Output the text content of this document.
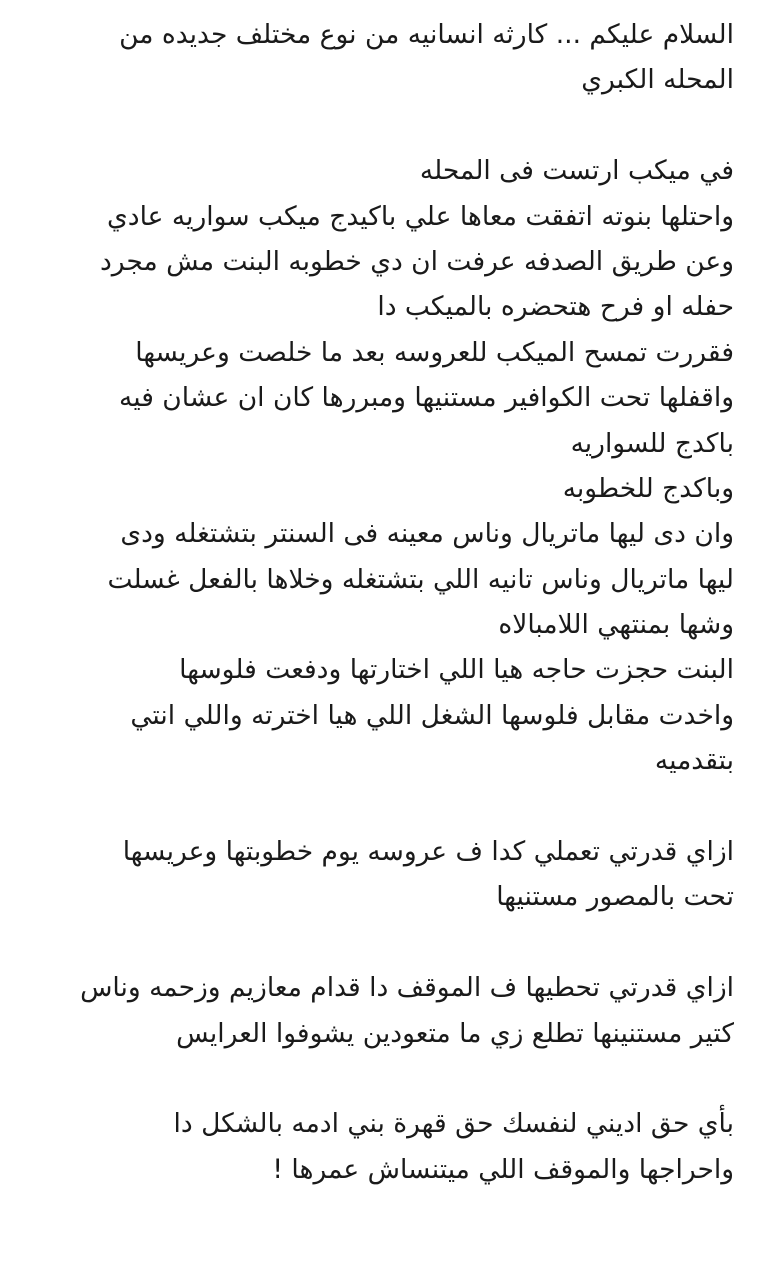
السلام عليكم ... كارثه انسانيه من نوع مختلف جديده من
المحله الكبري
في ميكب ارتست فى المحله
واحتلها بنوته اتفقت معاها علي باكيدج ميكب سواريه عادي
وعن طريق الصدفه عرفت ان دي خطوبه البنت مش مجرد
حفله او فرح هتحضره بالميكب دا
فقررت تمسح الميكب للعروسه بعد ما خلصت وعريسها
واقفلها تحت الكوافير مستنيها ومبررها كان ان عشان فيه
باكدج للسواريه
وباكدج للخطوبه
وان دى ليها ماتريال وناس معينه فى السنتر بتشتغله ودى
ليها ماتريال وناس تانيه اللي بتشتغله وخلاها بالفعل غسلت
وشها بمنتهي اللامبالاه
البنت حجزت حاجه هيا اللي اختارتها ودفعت فلوسها
واخدت مقابل فلوسها الشغل اللي هيا اخترته واللي انتي
بتقدميه
ازاي قدرتي تعملي كدا ف عروسه يوم خطوبتها وعريسها
تحت بالمصور مستنيها
ازاي قدرتي تحطيها ف الموقف دا قدام معازيم وزحمه وناس
كتير مستنينها تطلع زي ما متعودين يشوفوا العرايس
بأي حق اديني لنفسك حق قهرة بني ادمه بالشكل دا
واحراجها والموقف اللي ميتنساش عمرها !
